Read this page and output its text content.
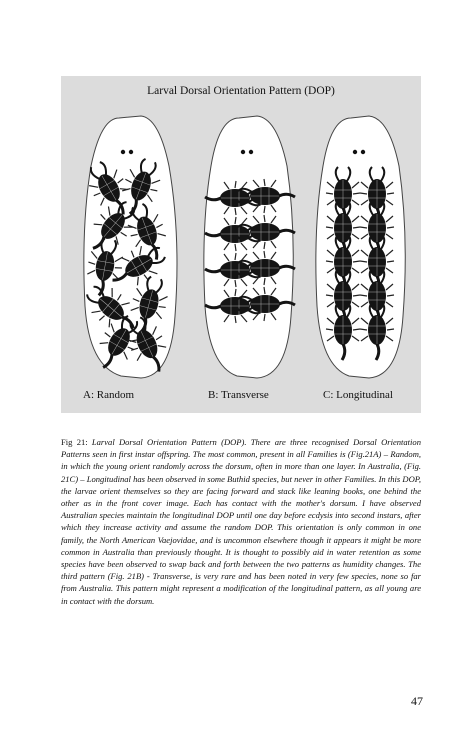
Larval Dorsal Orientation Pattern (DOP)
A: Random	B: Transverse	C: Longitudinal
Fig 21: Larval Dorsal Orientation Pattern (DOP). There are three recognised Dorsal Orientation Patterns seen in first instar offspring. The most common, present in all Families is (Fig.21A) – Random, in which the young orient randomly across the dorsum, often in more than one layer. In Australia, (Fig. 21C) – Longitudinal has been observed in some Buthid species, but never in other Families. In this DOP, the larvae orient themselves so they are facing forward and stack like leaning books, one behind the other as in the front cover image. Each has contact with the mother's dorsum. I have observed Australian species maintain the longitudinal DOP until one day before ecdysis into second instars, after which they increase activity and assume the random DOP. This orientation is only common in one family, the North American Vaejovidae, and is uncommon elsewhere though it appears it might be more common in Australia than previously thought. It is thought to possibly aid in water retention as some species have been observed to swap back and forth between the two patterns as humidity changes. The third pattern (Fig. 21B) - Transverse, is very rare and has been noted in very few species, none so far from Australia. This pattern might represent a modification of the longitudinal pattern, as all young are in contact with the dorsum.
47
